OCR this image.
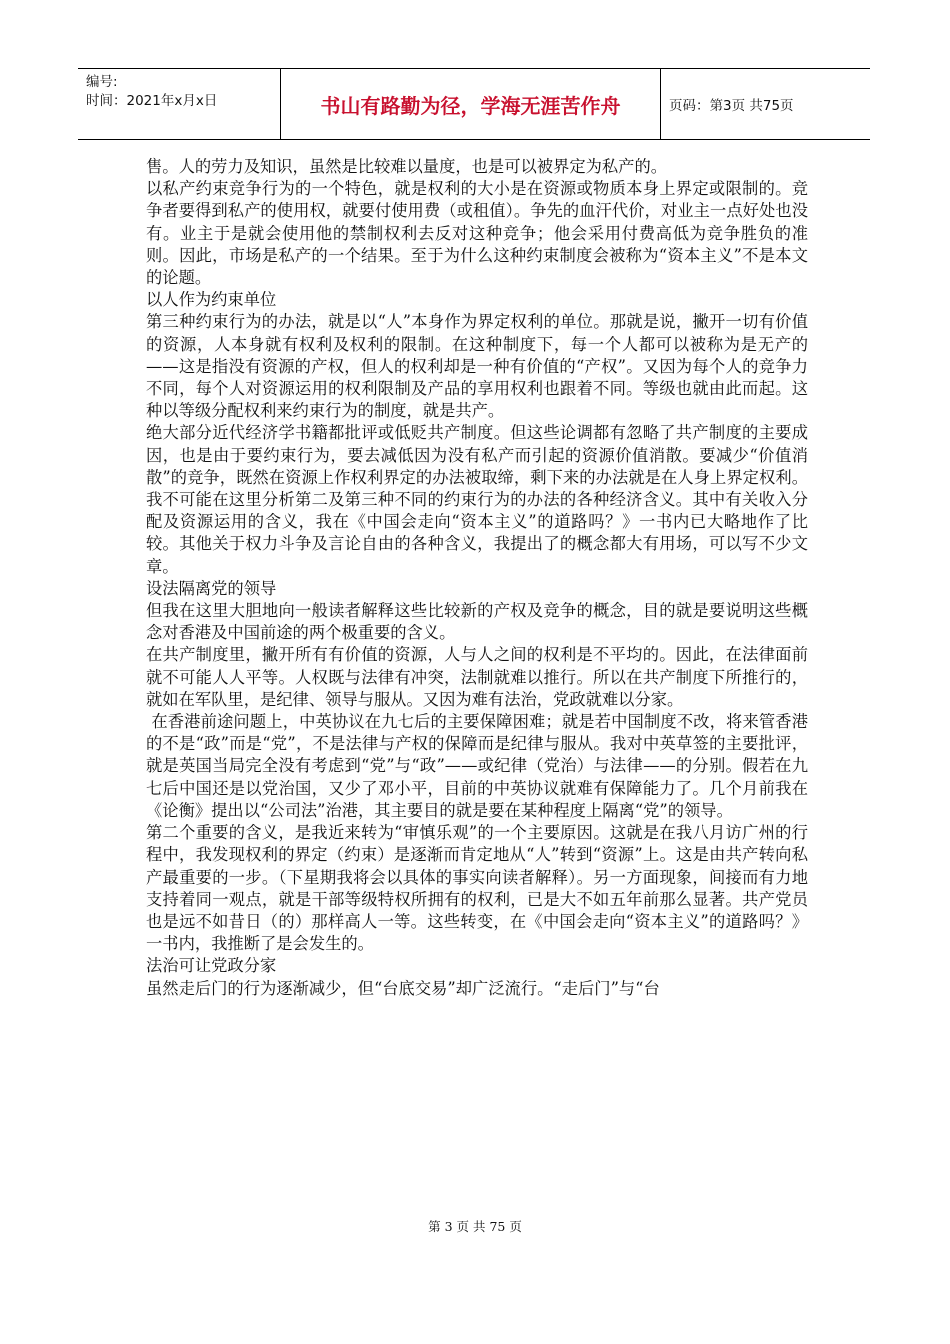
编号:
时间：2021年x月x日	书山有路勤为径，学海无涯苦作舟	页码：第3页 共75页

售。人的劳力及知识，虽然是比较难以量度，也是可以被界定为私产的。

以私产约束竞争行为的一个特色，就是权利的大小是在资源或物质本身上界定或限制的。竞争者要得到私产的使用权，就要付使用费（或租值）。争先的血汗代价，对业主一点好处也没有。业主于是就会使用他的禁制权利去反对这种竞争；他会采用付费高低为竞争胜负的准则。因此，市场是私产的一个结果。至于为什么这种约束制度会被称为“资本主义”不是本文的论题。

以人作为约束单位

第三种约束行为的办法，就是以“人”本身作为界定权利的单位。那就是说，撇开一切有价值的资源，人本身就有权利及权利的限制。在这种制度下，每一个人都可以被称为是无产的——这是指没有资源的产权，但人的权利却是一种有价值的“产权”。又因为每个人的竞争力不同，每个人对资源运用的权利限制及产品的享用权利也跟着不同。等级也就由此而起。这种以等级分配权利来约束行为的制度，就是共产。

绝大部分近代经济学书籍都批评或低贬共产制度。但这些论调都有忽略了共产制度的主要成因，也是由于要约束行为，要去减低因为没有私产而引起的资源价值消散。要减少“价值消散”的竞争，既然在资源上作权利界定的办法被取缔，剩下来的办法就是在人身上界定权利。我不可能在这里分析第二及第三种不同的约束行为的办法的各种经济含义。其中有关收入分配及资源运用的含义，我在《中国会走向“资本主义”的道路吗？》一书内已大略地作了比较。其他关于权力斗争及言论自由的各种含义，我提出了的概念都大有用场，可以写不少文章。

设法隔离党的领导

但我在这里大胆地向一般读者解释这些比较新的产权及竞争的概念，目的就是要说明这些概念对香港及中国前途的两个极重要的含义。

在共产制度里，撇开所有有价值的资源，人与人之间的权利是不平均的。因此，在法律面前就不可能人人平等。人权既与法律有冲突，法制就难以推行。所以在共产制度下所推行的，就如在军队里，是纪律、领导与服从。又因为难有法治，党政就难以分家。

在香港前途问题上，中英协议在九七后的主要保障困难；就是若中国制度不改，将来管香港的不是“政”而是“党”，不是法律与产权的保障而是纪律与服从。我对中英草签的主要批评，就是英国当局完全没有考虑到“党”与“政”——或纪律（党治）与法律——的分别。假若在九七后中国还是以党治国，又少了邓小平，目前的中英协议就难有保障能力了。几个月前我在《论衡》提出以“公司法”治港，其主要目的就是要在某种程度上隔离“党”的领导。

第二个重要的含义，是我近来转为“审慎乐观”的一个主要原因。这就是在我八月访广州的行程中，我发现权利的界定（约束）是逐渐而肯定地从“人”转到“资源”上。这是由共产转向私产最重要的一步。（下星期我将会以具体的事实向读者解释）。另一方面现象，间接而有力地支持着同一观点，就是干部等级特权所拥有的权利，已是大不如五年前那么显著。共产党员也是远不如昔日（的）那样高人一等。这些转变，在《中国会走向“资本主义”的道路吗？》一书内，我推断了是会发生的。

法治可让党政分家

虽然走后门的行为逐渐减少，但“台底交易”却广泛流行。“走后门”与“台

第 3 页 共 75 页
